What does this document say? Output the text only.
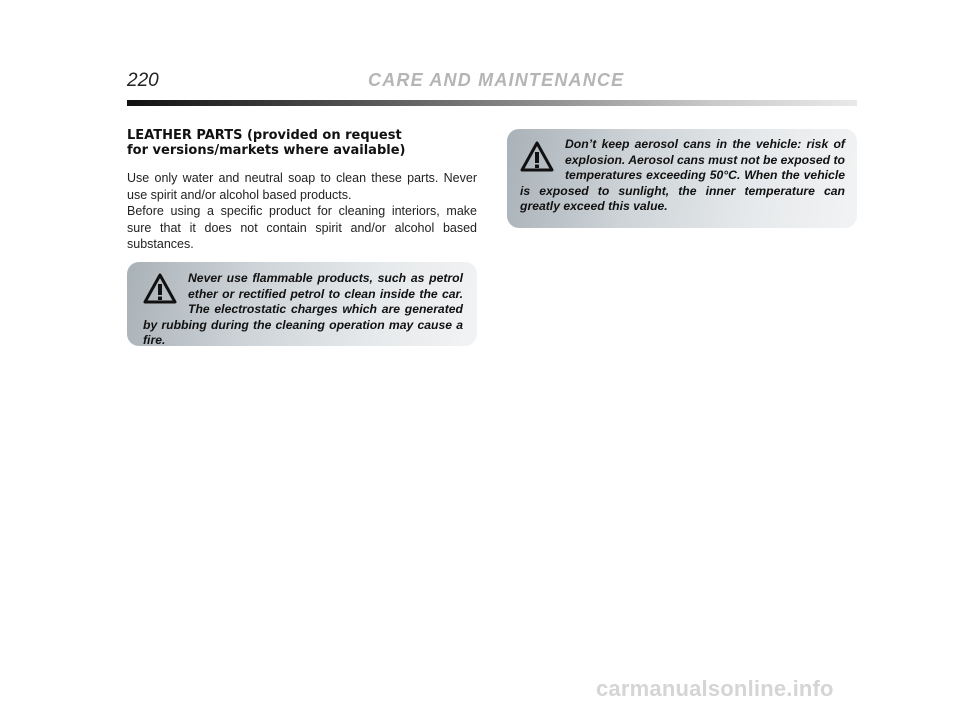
220	CARE AND MAINTENANCE
LEATHER PARTS (provided on request
for versions/markets where available)

Use only water and neutral soap to clean these parts. Never use spirit and/or alcohol based products.

Before using a specific product for cleaning interiors, make sure that it does not contain spirit and/or alcohol based substances.

Never use flammable products, such as petrol ether or rectified petrol to clean inside the car. The electrostatic charges which are generated by rubbing during the cleaning operation may cause a fire.

Don’t keep aerosol cans in the vehicle: risk of explosion. Aerosol cans must not be exposed to temperatures exceeding 50°C. When the vehicle is exposed to sunlight, the inner temperature can greatly exceed this value.

carmanualsonline.info
